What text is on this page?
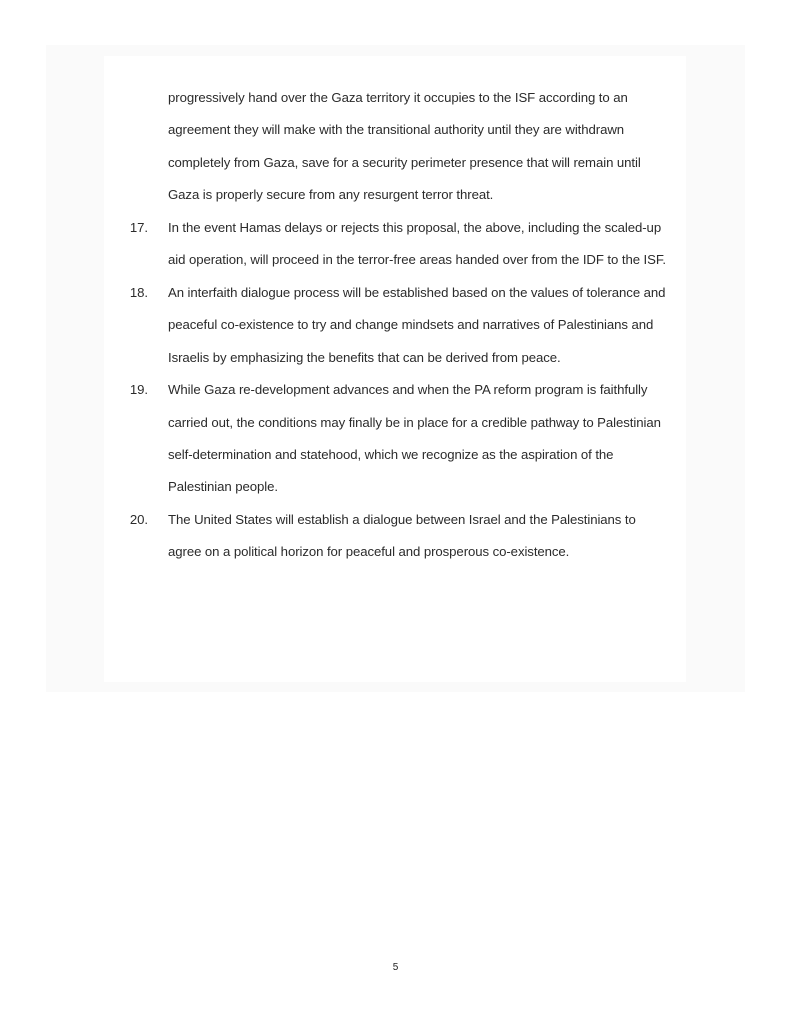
progressively hand over the Gaza territory it occupies to the ISF according to an agreement they will make with the transitional authority until they are withdrawn completely from Gaza, save for a security perimeter presence that will remain until Gaza is properly secure from any resurgent terror threat.

17. In the event Hamas delays or rejects this proposal, the above, including the scaled-up aid operation, will proceed in the terror-free areas handed over from the IDF to the ISF.
18. An interfaith dialogue process will be established based on the values of tolerance and peaceful co-existence to try and change mindsets and narratives of Palestinians and Israelis by emphasizing the benefits that can be derived from peace.
19. While Gaza re-development advances and when the PA reform program is faithfully carried out, the conditions may finally be in place for a credible pathway to Palestinian self-determination and statehood, which we recognize as the aspiration of the Palestinian people.
20. The United States will establish a dialogue between Israel and the Palestinians to agree on a political horizon for peaceful and prosperous co-existence.
5
